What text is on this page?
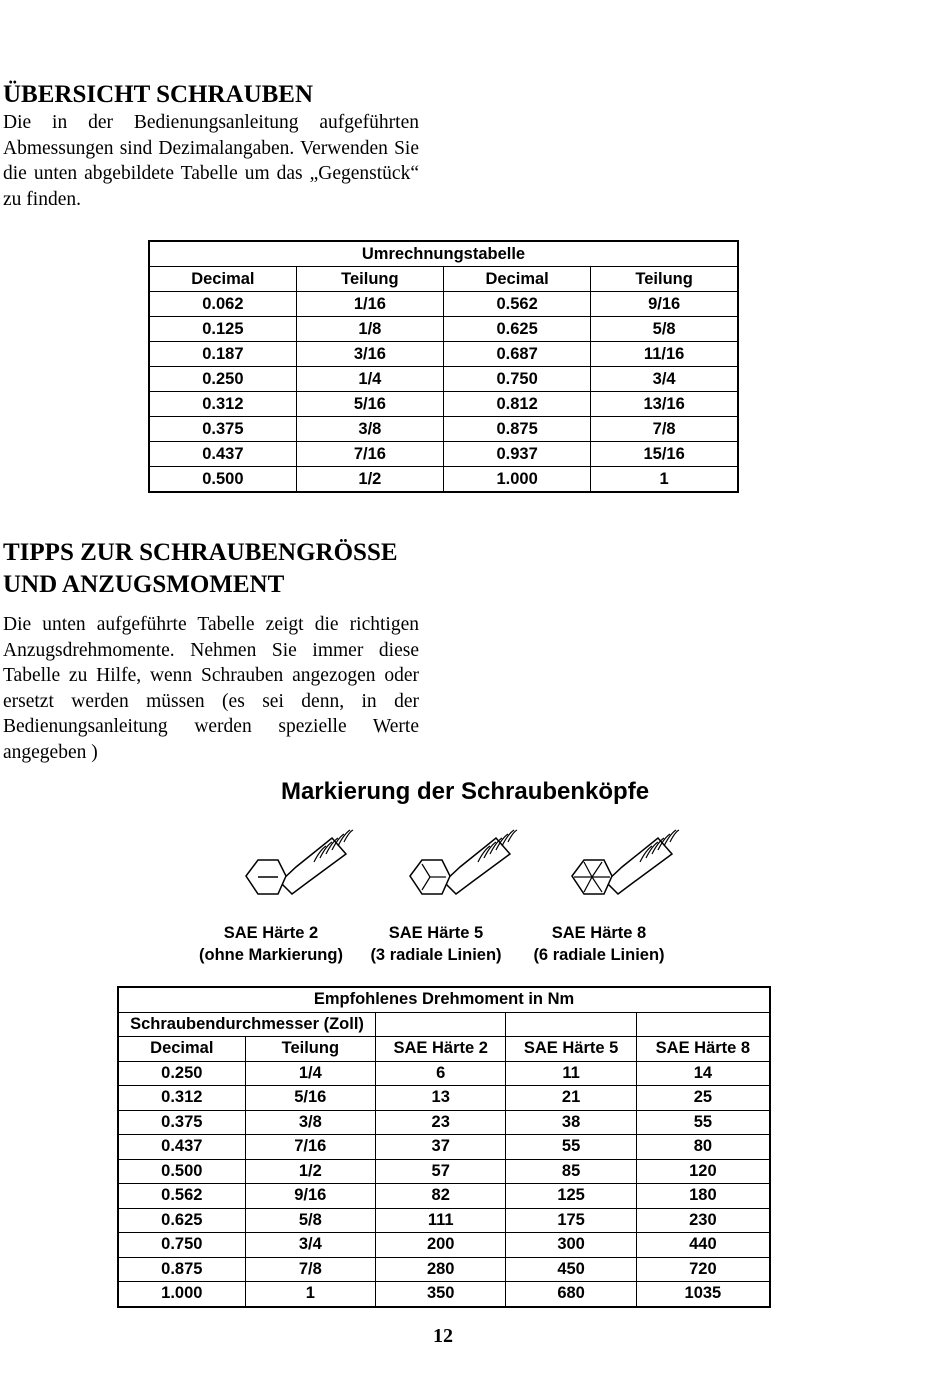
ÜBERSICHT SCHRAUBEN

Die in der Bedienungsanleitung aufgeführten Abmessungen sind Dezimalangaben. Verwenden Sie die unten abgebildete Tabelle um das „Gegenstück“ zu finden.

Umrechnungstabelle			
Decimal	Teilung	Decimal	Teilung
0.062	1/16	0.562	9/16
0.125	1/8	0.625	5/8
0.187	3/16	0.687	11/16
0.250	1/4	0.750	3/4
0.312	5/16	0.812	13/16
0.375	3/8	0.875	7/8
0.437	7/16	0.937	15/16
0.500	1/2	1.000	1
TIPPS ZUR SCHRAUBENGRÖSSE
UND ANZUGSMOMENT

Die unten aufgeführte Tabelle zeigt die richtigen Anzugsdrehmomente. Nehmen Sie immer diese Tabelle zu Hilfe, wenn Schrauben angezogen oder ersetzt werden müssen (es sei denn, in der Bedienungsanleitung werden spezielle Werte angegeben )

Markierung der Schraubenköpfe
SAE Härte 2
(ohne Markierung)
SAE Härte 5
(3 radiale Linien)
SAE Härte 8
(6 radiale Linien)
Empfohlenes Drehmoment in Nm				
Schraubendurchmesser (Zoll)				
Decimal	Teilung	SAE Härte 2	SAE Härte 5	SAE Härte 8
0.250	1/4	6	11	14
0.312	5/16	13	21	25
0.375	3/8	23	38	55
0.437	7/16	37	55	80
0.500	1/2	57	85	120
0.562	9/16	82	125	180
0.625	5/8	111	175	230
0.750	3/4	200	300	440
0.875	7/8	280	450	720
1.000	1	350	680	1035
12
